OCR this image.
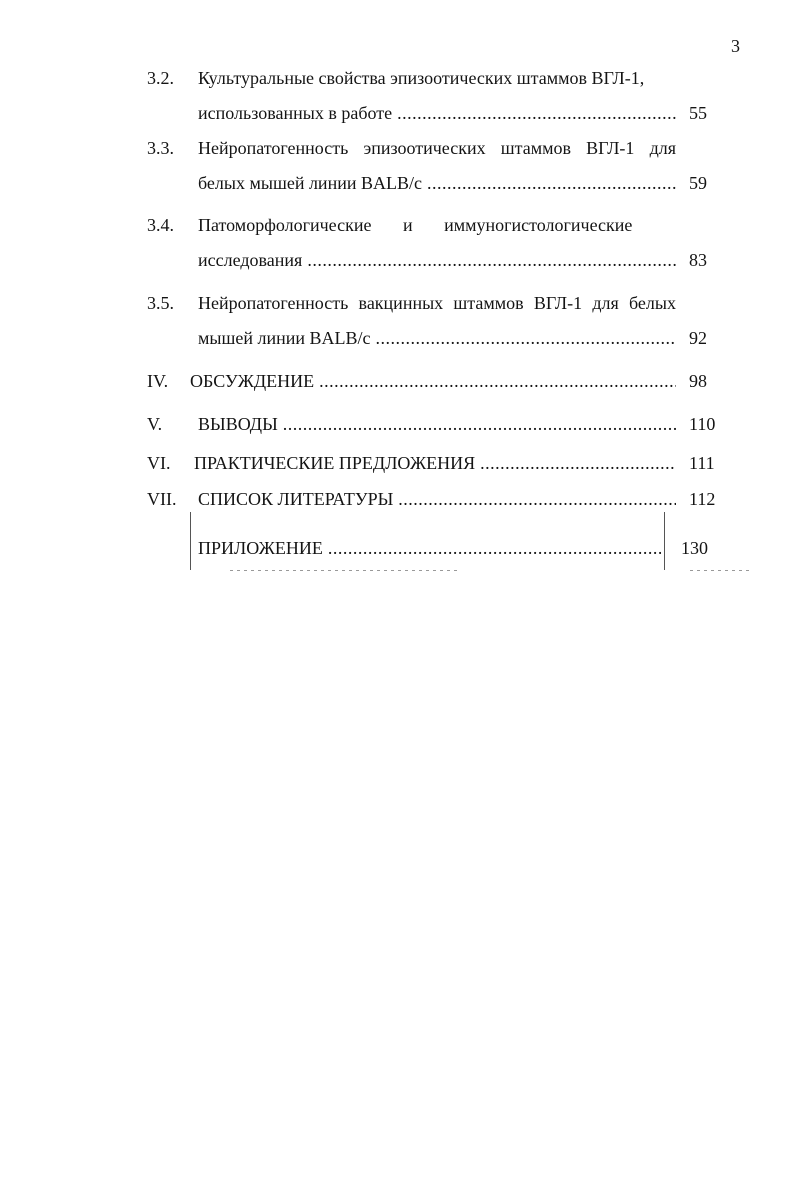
3
3.2. Культуральные свойства эпизоотических штаммов ВГЛ-1,
использованных в работе .....	55
3.3. Нейропатогенность эпизоотических штаммов ВГЛ-1 для
белых мышей линии BALB/c .....	59
3.4. Патоморфологические       и       иммуногистологические
исследования .....	83
3.5. Нейропатогенность вакцинных штаммов ВГЛ-1 для белых
мышей линии BALB/c .....	92
IV. ОБСУЖДЕНИЕ .....	98
V. ВЫВОДЫ .....	110
VI. ПРАКТИЧЕСКИЕ ПРЕДЛОЖЕНИЯ .....	111
VII. СПИСОК ЛИТЕРАТУРЫ .....	112
ПРИЛОЖЕНИЕ .....	130
